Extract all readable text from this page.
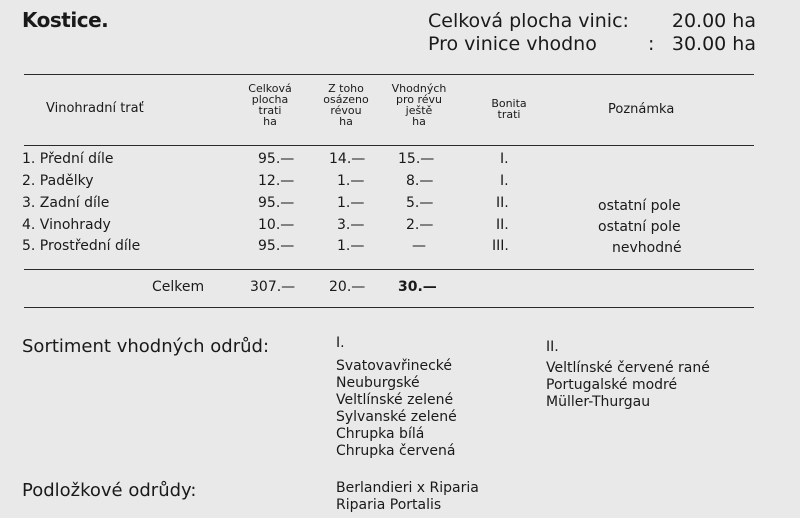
Kostice.	Celková plocha vinic: 20.00 ha
Pro vinice vhodno	: 30.00 ha
Vinohradní trať
Celková
plocha
trati
ha
Z toho
osázeno
révou
ha
Vhodných
pro révu
ještě
ha
Bonita
trati	Poznámka
1. Přední díle	95.— 14.— 15.—	I.
2. Padělky	12.—	1.—	8.—	I.
3. Zadní díle	95.—	1.—	5.—	II.	ostatní pole
4. Vinohrady	10.—	3.—	2.—	II.	ostatní pole
5. Prostřední díle	95.—	1.—	—	III.	nevhodné
Celkem	307.— 20.— 30.—
Sortiment vhodných odrůd:	I.
Svatovavřinecké
Neuburgské
Veltlínské zelené
Sylvanské zelené
Chrupka bílá
Chrupka červená
II.
Veltlínské červené rané
Portugalské modré
Müller-Thurgau
Podložkové odrůdy:	Berlandieri x Riparia
Riparia Portalis
